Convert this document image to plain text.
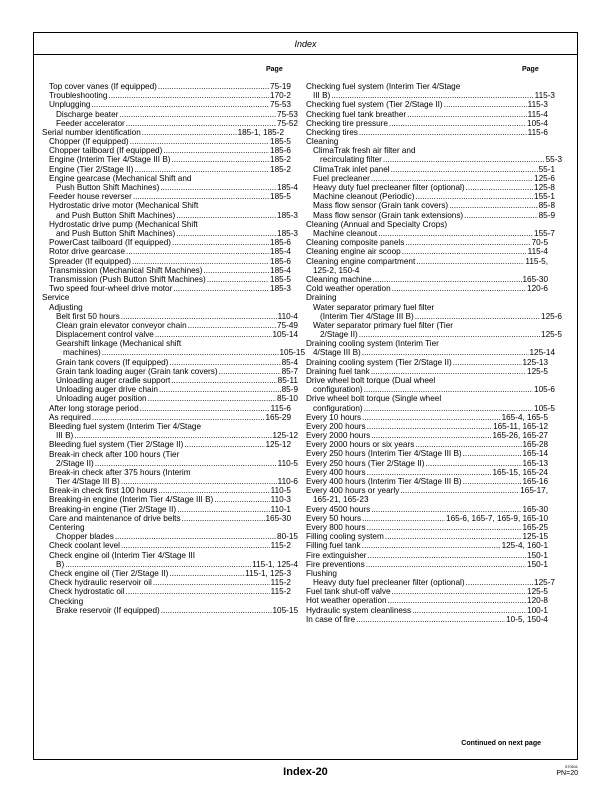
Index
Page	Page
Top cover vanes (If equipped) .....	75-19
Troubleshooting .....	170-2
Unplugging .....	75-53
Discharge beater .....	75-53
Feeder accelerator .....	75-52
Serial number identification .....	185-1, 185-2
Chopper (If equipped) .....	185-5
Chopper tailboard (If equipped) .....	185-6
Engine (Interim Tier 4/Stage III B) .....	185-2
Engine (Tier 2/Stage II) .....	185-2
Engine gearcase (Mechanical Shift and
Push Button Shift Machines) .....	185-4
Feeder house reverser .....	185-5
Hydrostatic drive motor (Mechanical Shift
and Push Button Shift Machines) .....	185-3
Hydrostatic drive pump (Mechanical Shift
and Push Button Shift Machines) .....	185-3
PowerCast tailboard (If equipped) .....	185-6
Rotor drive gearcase .....	185-4
Spreader (If equipped) .....	185-6
Transmission (Mechanical Shift Machines) .....	185-4
Transmission (Push Button Shift Machines) .....	185-5
Two speed four-wheel drive motor .....	185-3
Service
Adjusting
Belt first 50 hours .....	110-4
Clean grain elevator conveyor chain .....	75-49
Displacement control valve .....	105-14
Gearshift linkage (Mechanical shift
machines) .....	105-15
Grain tank covers (If equipped) .....	85-4
Grain tank loading auger (Grain tank covers) .....	85-7
Unloading auger cradle support .....	85-11
Unloading auger drive chain .....	85-9
Unloading auger position .....	85-10
After long storage period .....	115-6
As required .....	165-29
Bleeding fuel system (Interim Tier 4/Stage
III B) .....	125-12
Bleeding fuel system (Tier 2/Stage II) .....	125-12
Break-in check after 100 hours (Tier
2/Stage II) .....	110-5
Break-in check after 375 hours (Interim
Tier 4/Stage III B) .....	110-6
Break-in check first 100 hours .....	110-5
Breaking-in engine (Interim Tier 4/Stage III B) .....	110-3
Breaking-in engine (Tier 2/Stage II) .....	110-1
Care and maintenance of drive belts .....	165-30
Centering
Chopper blades .....	80-15
Check coolant level .....	115-2
Check engine oil (Interim Tier 4/Stage III
B) .....	115-1, 125-4
Check engine oil (Tier 2/Stage II) .....	115-1, 125-3
Check hydraulic reservoir oil .....	115-2
Check hydrostatic oil .....	115-2
Checking
Brake reservoir (If equipped) .....	105-15
Checking fuel system (Interim Tier 4/Stage
III B) .....	115-3
Checking fuel system (Tier 2/Stage II) .....	115-3
Checking fuel tank breather .....	115-4
Checking tire pressure .....	105-4
Checking tires .....	115-6
Cleaning
ClimaTrak fresh air filter and
recirculating filter .....	55-3
ClimaTrak inlet panel .....	55-1
Fuel precleaner .....	125-6
Heavy duty fuel precleaner filter (optional) .....	125-8
Machine cleanout (Periodic) .....	155-1
Mass flow sensor (Grain tank covers) .....	85-8
Mass flow sensor (Grain tank extensions) .....	85-9
Cleaning (Annual and Specialty Crops)
Machine cleanout .....	155-7
Cleaning composite panels .....	70-5
Cleaning engine air scoop .....	115-4
Cleaning engine compartment .....	115-5,
125-2, 150-4
Cleaning machine .....	165-30
Cold weather operation .....	120-6
Draining
Water separator primary fuel filter
(Interim Tier 4/Stage III B) .....	125-6
Water separator primary fuel filter (Tier
2/Stage II) .....	125-5
Draining cooling system (Interim Tier
4/Stage III B) .....	125-14
Draining cooling system (Tier 2/Stage II) .....	125-13
Draining fuel tank .....	125-5
Drive wheel bolt torque (Dual wheel
configuration) .....	105-6
Drive wheel bolt torque (Single wheel
configuration) .....	105-5
Every 10 hours .....	165-4, 165-5
Every 200 hours .....	165-11, 165-12
Every 2000 hours .....	165-26, 165-27
Every 2000 hours or six years .....	165-28
Every 250 hours (Interim Tier 4/Stage III B) .....	165-14
Every 250 hours (Tier 2/Stage II) .....	165-13
Every 400 hours .....	165-15, 165-24
Every 400 hours (Interim Tier 4/Stage III B) .....	165-16
Every 400 hours or yearly .....	165-17,
165-21, 165-23
Every 4500 hours .....	165-30
Every 50 hours .....	165-6, 165-7, 165-9, 165-10
Every 800 hours .....	165-25
Filling cooling system .....	125-15
Filling fuel tank .....	125-4, 160-1
Fire extinguisher .....	150-1
Fire preventions .....	150-1
Flushing
Heavy duty fuel precleaner filter (optional) .....	125-7
Fuel tank shut-off valve .....	125-5
Hot weather operation .....	120-8
Hydraulic system cleanliness .....	100-1
In case of fire .....	10-5, 150-4
Continued on next page
Index-20	070611
PN=20
